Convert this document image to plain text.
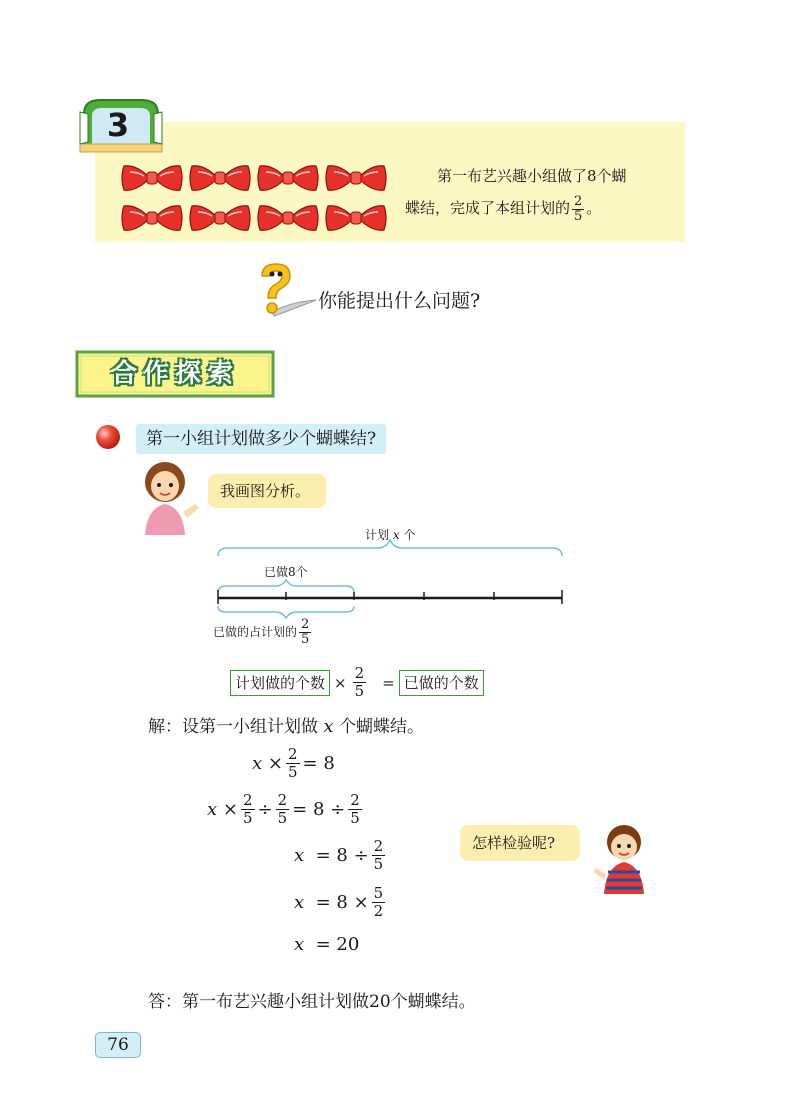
3
第一布艺兴趣小组做了8个蝴
蝶结，完成了本组计划的 $\frac{2}{5}$ 。
你能提出什么问题?
合作探索
第一小组计划做多少个蝴蝶结?
我画图分析。
计划 x 个
已做8个
已做的占计划的 $\frac{2}{5}$
计划做的个数 × $\frac{2}{5}$ = 已做的个数
解：设第一小组计划做 x 个蝴蝶结。
x
× $\frac{2}{5} = 8$
x
× $\frac{2}{5} \div \frac{2}{5} = 8 \div \frac{2}{5}$
x
= $8 \div \frac{2}{5}$
x
= $8 \times \frac{5}{2}$
x
= 20
怎样检验呢?
答：第一布艺兴趣小组计划做20个蝴蝶结。
76
